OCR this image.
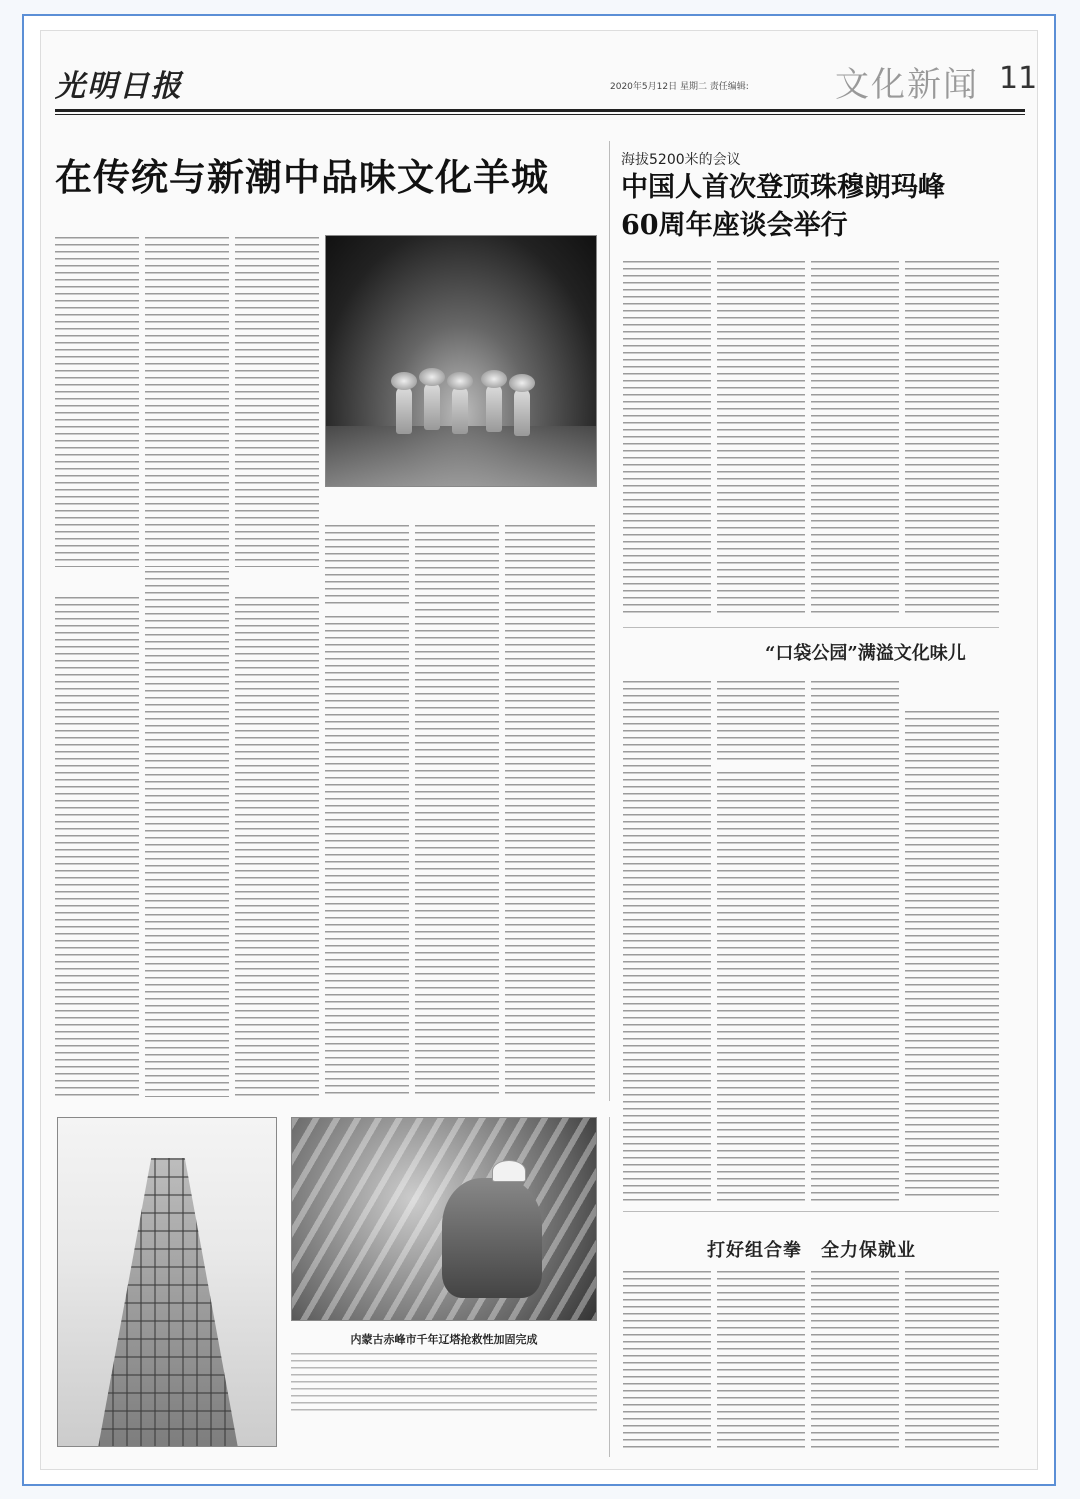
光明日报	2020年5月12日 星期二 责任编辑:	文化新闻 11
在传统与新潮中品味文化羊城	海拔5200米的会议
中国人首次登顶珠穆朗玛峰
60周年座谈会举行
“口袋公园”满溢文化味儿
打好组合拳　全力保就业
内蒙古赤峰市千年辽塔抢救性加固完成
